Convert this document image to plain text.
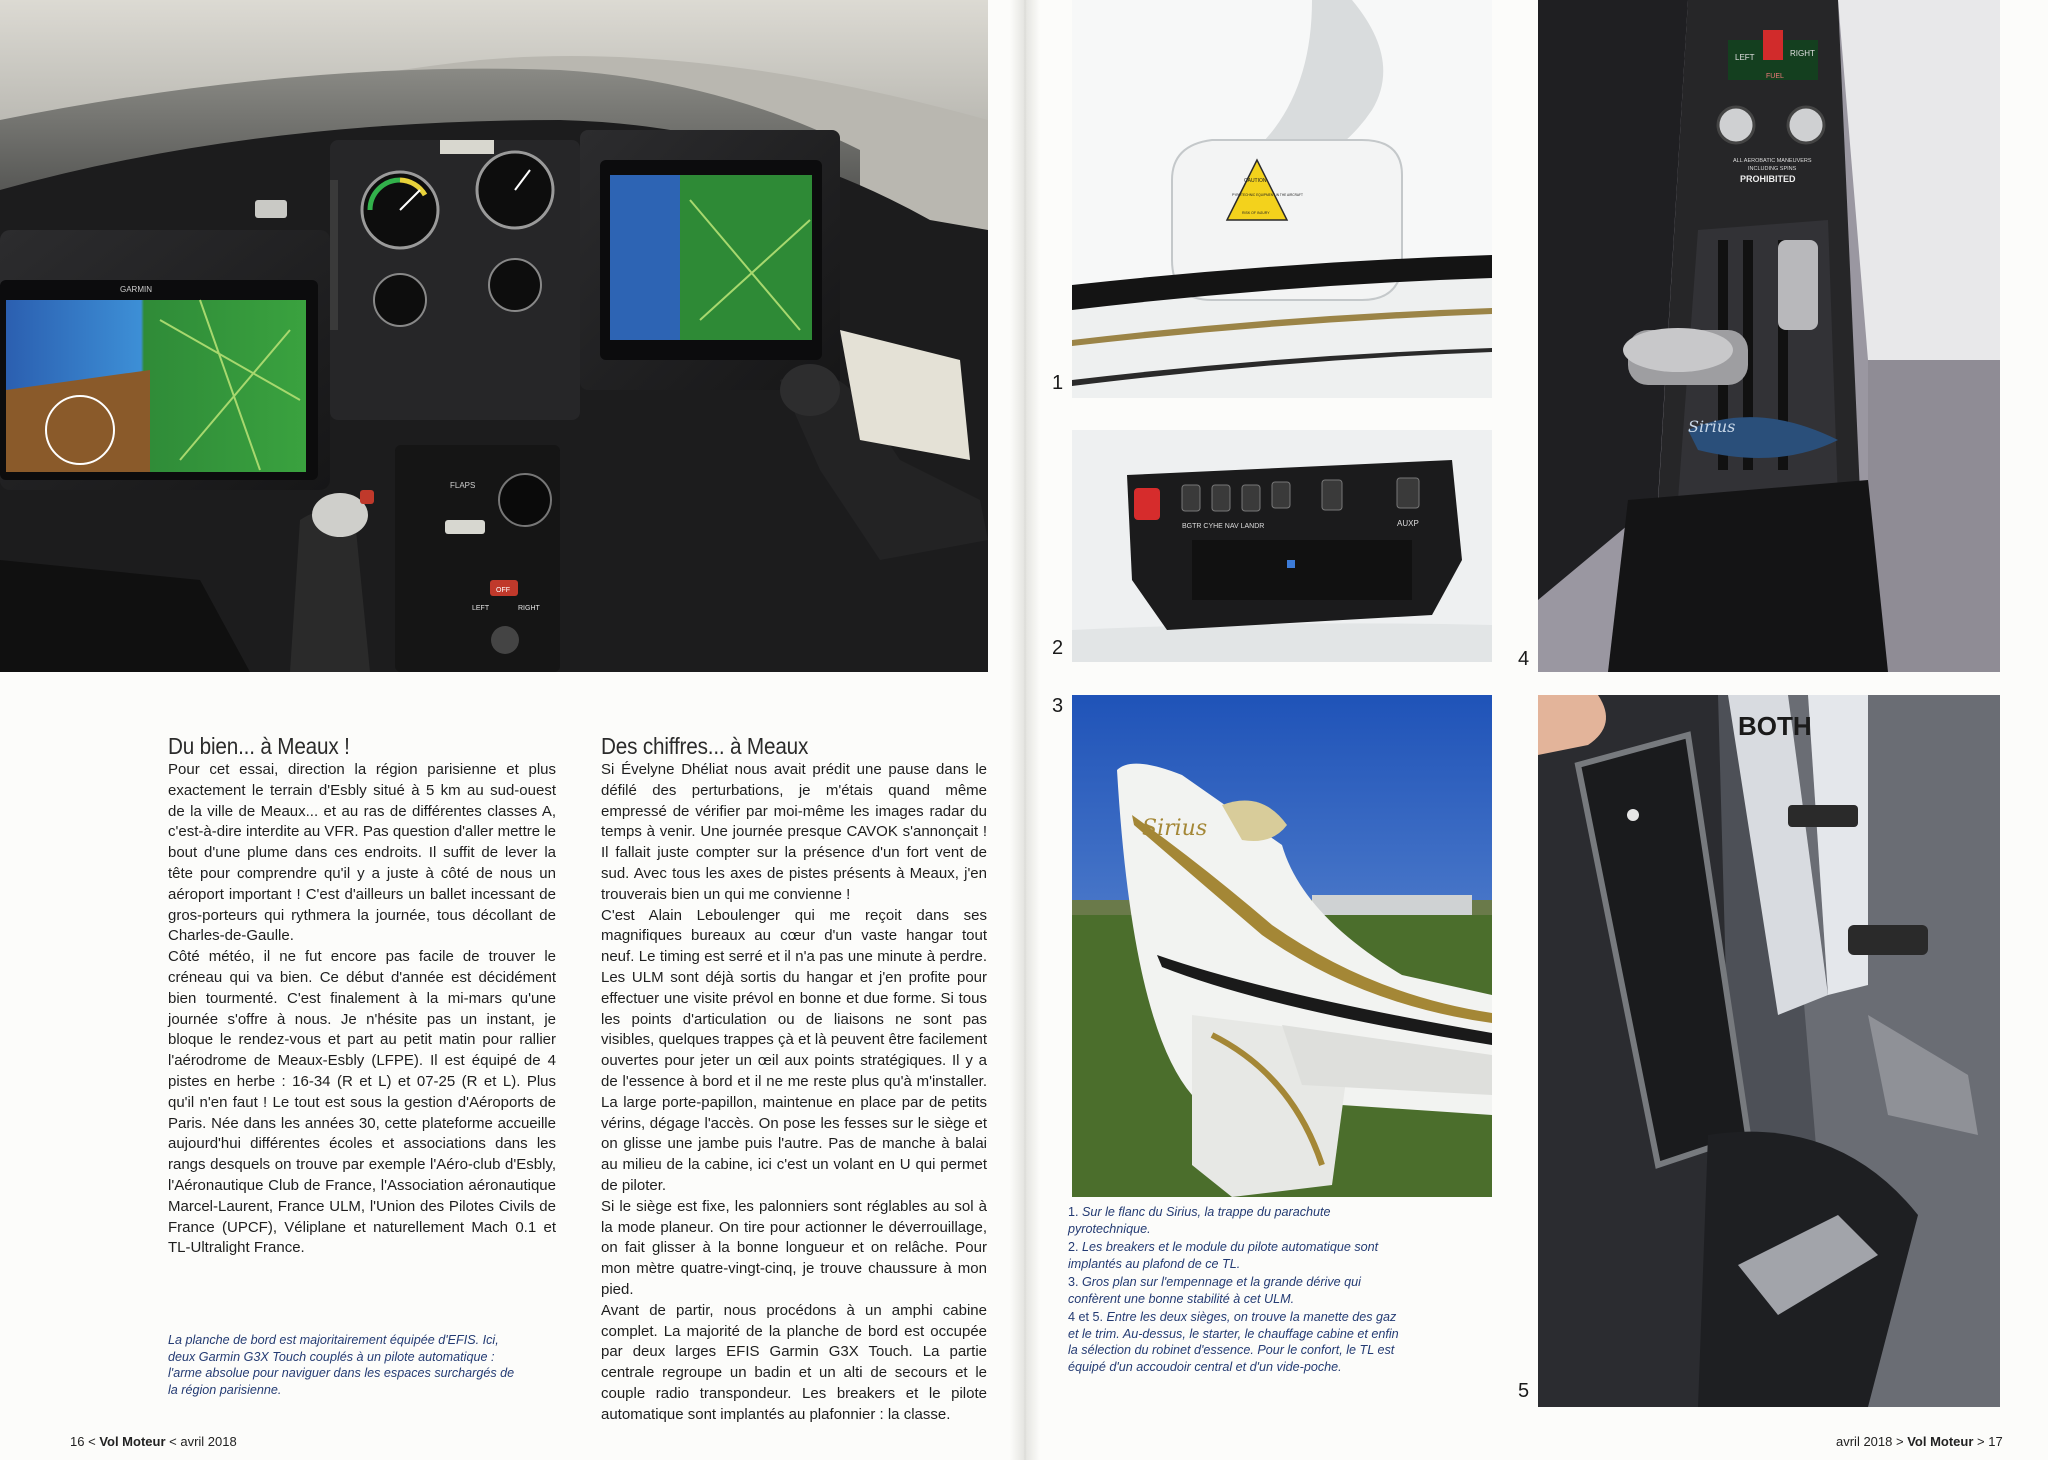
GARMIN
FLAPS
LEFT
OFF
RIGHT
Du bien... à Meaux !

Pour cet essai, direction la région parisienne et plus exactement le terrain d'Esbly situé à 5 km au sud-ouest de la ville de Meaux... et au ras de différentes classes A, c'est-à-dire interdite au VFR. Pas question d'aller mettre le bout d'une plume dans ces endroits. Il suffit de lever la tête pour comprendre qu'il y a juste à côté de nous un aéroport important ! C'est d'ailleurs un ballet incessant de gros-porteurs qui rythmera la journée, tous décollant de Charles-de-Gaulle.

Côté météo, il ne fut encore pas facile de trouver le créneau qui va bien. Ce début d'année est décidément bien tourmenté. C'est finalement à la mi-mars qu'une journée s'offre à nous. Je n'hésite pas un instant, je bloque le rendez-vous et part au petit matin pour rallier l'aérodrome de Meaux-Esbly (LFPE). Il est équipé de 4 pistes en herbe : 16-34 (R et L) et 07-25 (R et L). Plus qu'il n'en faut ! Le tout est sous la gestion d'Aéroports de Paris. Née dans les années 30, cette plateforme accueille aujourd'hui différentes écoles et associations dans les rangs desquels on trouve par exemple l'Aéro-club d'Esbly, l'Aéronautique Club de France, l'Association aéronautique Marcel-Laurent, France ULM, l'Union des Pilotes Civils de France (UPCF), Véliplane et naturellement Mach 0.1 et TL-Ultralight France.

Des chiffres... à Meaux

Si Évelyne Dhéliat nous avait prédit une pause dans le défilé des perturbations, je m'étais quand même empressé de vérifier par moi-même les images radar du temps à venir. Une journée presque CAVOK s'annonçait ! Il fallait juste compter sur la présence d'un fort vent de sud. Avec tous les axes de pistes présents à Meaux, j'en trouverais bien un qui me convienne !

C'est Alain Leboulenger qui me reçoit dans ses magnifiques bureaux au cœur d'un vaste hangar tout neuf. Le timing est serré et il n'a pas une minute à perdre. Les ULM sont déjà sortis du hangar et j'en profite pour effectuer une visite prévol en bonne et due forme. Si tous les points d'articulation ou de liaisons ne sont pas visibles, quelques trappes çà et là peuvent être facilement ouvertes pour jeter un œil aux points stratégiques. Il y a de l'essence à bord et il ne me reste plus qu'à m'installer. La large porte-papillon, maintenue en place par de petits vérins, dégage l'accès. On pose les fesses sur le siège et on glisse une jambe puis l'autre. Pas de manche à balai au milieu de la cabine, ici c'est un volant en U qui permet de piloter.

Si le siège est fixe, les palonniers sont réglables au sol à la mode planeur. On tire pour actionner le déverrouillage, on fait glisser à la bonne longueur et on relâche. Pour mon mètre quatre-vingt-cinq, je trouve chaussure à mon pied.

Avant de partir, nous procédons à un amphi cabine complet. La majorité de la planche de bord est occupée par deux larges EFIS Garmin G3X Touch. La partie centrale regroupe un badin et un alti de secours et le couple radio transpondeur. Les breakers et le pilote automatique sont implantés au plafonnier : la classe.

La planche de bord est majoritairement équipée d'EFIS. Ici, deux Garmin G3X Touch couplés à un pilote automatique : l'arme absolue pour naviguer dans les espaces surchargés de la région parisienne.
16 < Vol Moteur < avril 2018
CAUTION
PYROTECHNIC EQUIPMENT IN THE AIRCRAFT
RISK OF INJURY
1
BGTR CYHE NAV LANDR	AUXP
2
Sirius
3
LEFT	RIGHT
FUEL
ALL AEROBATIC MANEUVERS
INCLUDING SPINS
PROHIBITED
Sirius
4
BOTH
5

1. Sur le flanc du Sirius, la trappe du parachute pyrotechnique.

2. Les breakers et le module du pilote automatique sont implantés au plafond de ce TL.

3. Gros plan sur l'empennage et la grande dérive qui confèrent une bonne stabilité à cet ULM.

4 et 5. Entre les deux sièges, on trouve la manette des gaz et le trim. Au-dessus, le starter, le chauffage cabine et enfin la sélection du robinet d'essence. Pour le confort, le TL est équipé d'un accoudoir central et d'un vide-poche.

avril 2018 > Vol Moteur > 17
